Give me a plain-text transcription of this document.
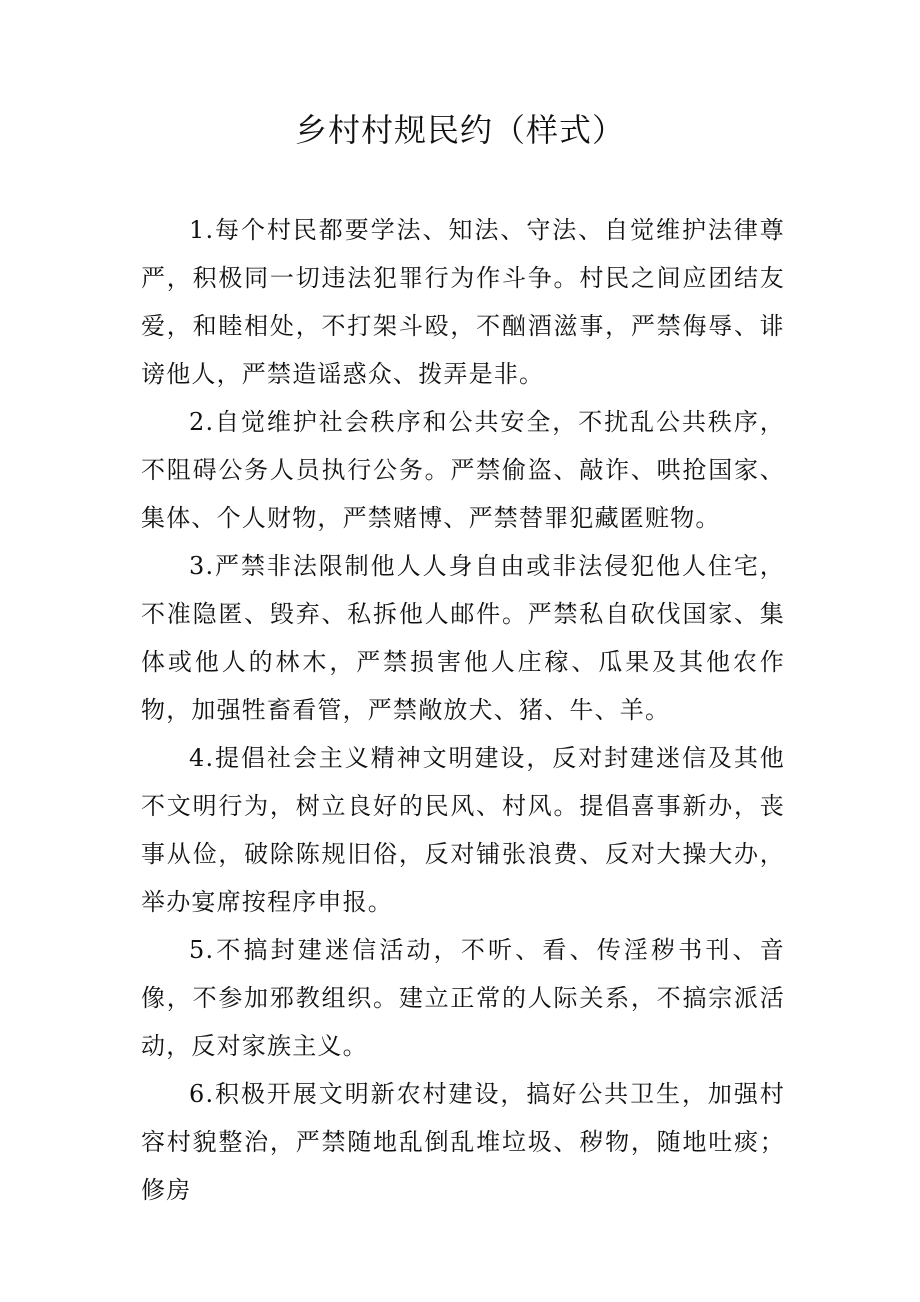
乡村村规民约（样式）

1.每个村民都要学法、知法、守法、自觉维护法律尊严，积极同一切违法犯罪行为作斗争。村民之间应团结友爱，和睦相处，不打架斗殴，不酗酒滋事，严禁侮辱、诽谤他人，严禁造谣惑众、拨弄是非。

2.自觉维护社会秩序和公共安全，不扰乱公共秩序，不阻碍公务人员执行公务。严禁偷盗、敲诈、哄抢国家、集体、个人财物，严禁赌博、严禁替罪犯藏匿赃物。

3.严禁非法限制他人人身自由或非法侵犯他人住宅，不准隐匿、毁弃、私拆他人邮件。严禁私自砍伐国家、集体或他人的林木，严禁损害他人庄稼、瓜果及其他农作物，加强牲畜看管，严禁敞放犬、猪、牛、羊。

4.提倡社会主义精神文明建设，反对封建迷信及其他不文明行为，树立良好的民风、村风。提倡喜事新办，丧事从俭，破除陈规旧俗，反对铺张浪费、反对大操大办，举办宴席按程序申报。

5.不搞封建迷信活动，不听、看、传淫秽书刊、音像，不参加邪教组织。建立正常的人际关系，不搞宗派活动，反对家族主义。

6.积极开展文明新农村建设，搞好公共卫生，加强村容村貌整治，严禁随地乱倒乱堆垃圾、秽物，随地吐痰；修房
